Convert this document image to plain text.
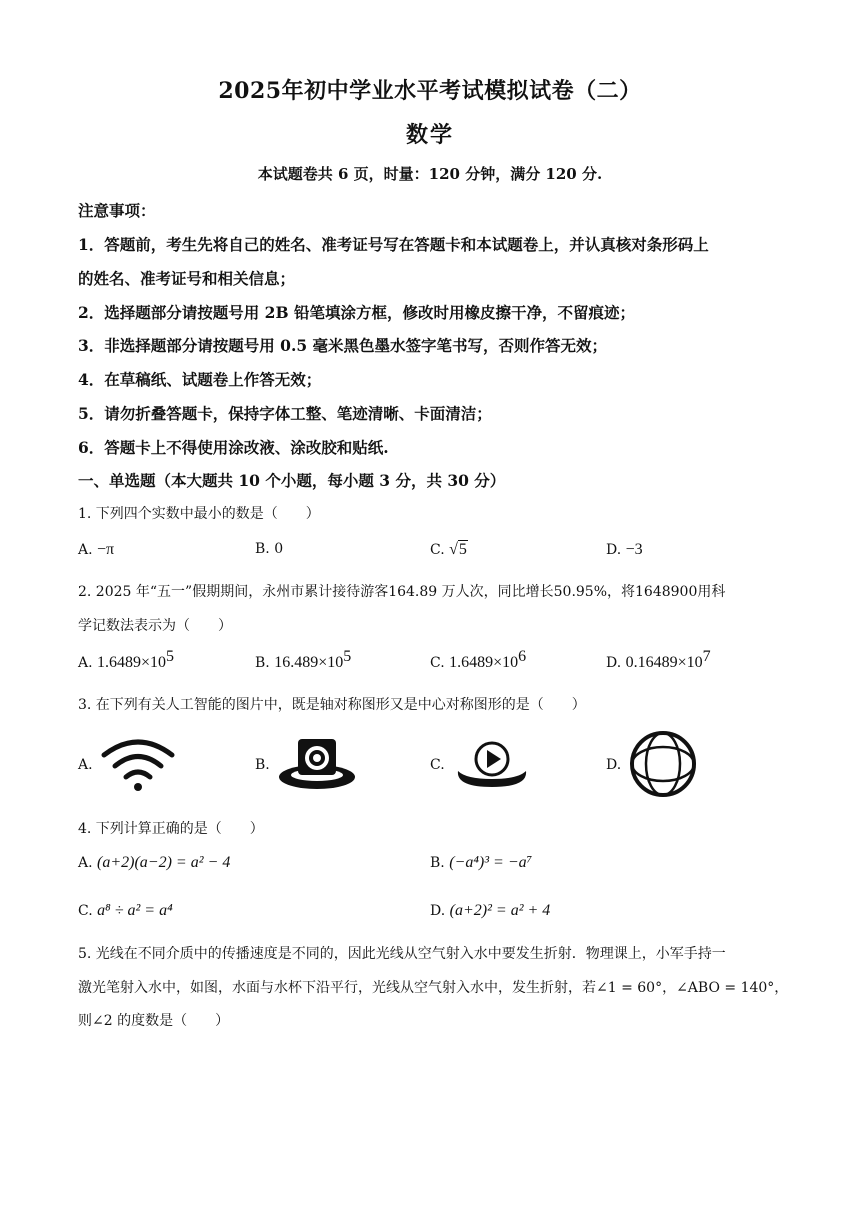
2025年初中学业水平考试模拟试卷（二）
数学
本试题卷共 6 页，时量：120 分钟，满分 120 分.
注意事项：
1．答题前，考生先将自己的姓名、准考证号写在答题卡和本试题卷上，并认真核对条形码上
的姓名、准考证号和相关信息；
2．选择题部分请按题号用 2B 铅笔填涂方框，修改时用橡皮擦干净，不留痕迹；
3．非选择题部分请按题号用 0.5 毫米黑色墨水签字笔书写，否则作答无效；
4．在草稿纸、试题卷上作答无效；
5．请勿折叠答题卡，保持字体工整、笔迹清晰、卡面清洁；
6．答题卡上不得使用涂改液、涂改胶和贴纸.
一、单选题（本大题共 10 个小题，每小题 3 分，共 30 分）
1. 下列四个实数中最小的数是（　　）
A. −π	B. 0	C. √5	D. −3
2. 2025 年“五一”假期期间，永州市累计接待游客164.89 万人次，同比增长50.95%，将1648900用科
学记数法表示为（　　）
A. $1.6489\times 10^5$	B. $16.489\times 10^5$	C. $1.6489\times 10^6$	D. $0.16489\times 10^7$
3. 在下列有关人工智能的图片中，既是轴对称图形又是中心对称图形的是（　　）
A.	B.	C.	D.
4. 下列计算正确的是（　　）
A. (a+2)(a−2) = a² − 4	B. (−a⁴)³ = −a⁷
C. a⁸ ÷ a² = a⁴	D. (a+2)² = a² + 4
5. 光线在不同介质中的传播速度是不同的，因此光线从空气射入水中要发生折射．物理课上，小军手持一
激光笔射入水中，如图，水面与水杯下沿平行，光线从空气射入水中，发生折射，若∠1 = 60°，∠ABO = 140°，
则∠2 的度数是（　　）
